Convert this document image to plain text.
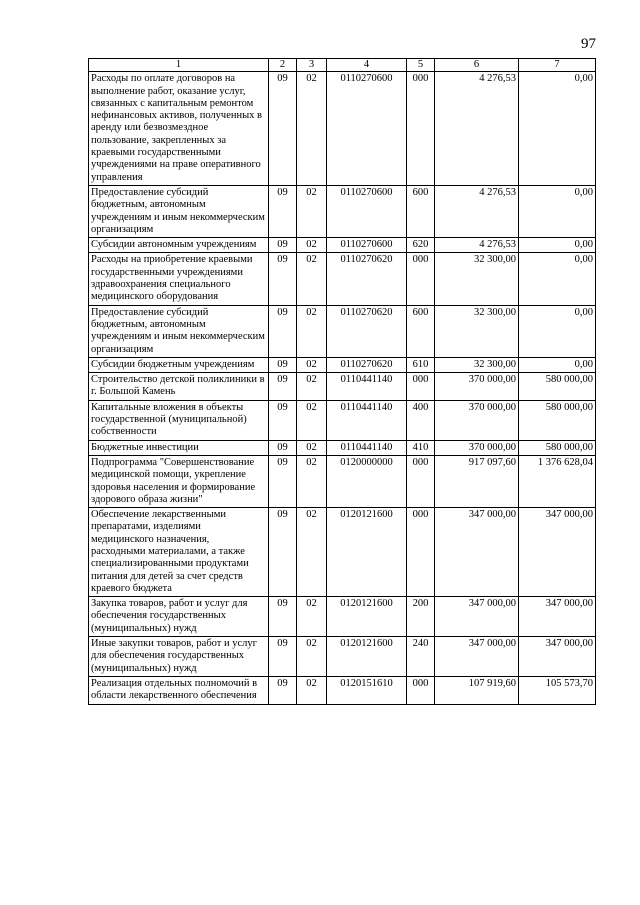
97
1	2	3	4	5	6	7
Расходы по оплате договоров на выполнение работ, оказание услуг, связанных с капитальным ремонтом нефинансовых активов, полученных в аренду или безвозмездное пользование, закрепленных за краевыми государственными учреждениями на праве оперативного управления	09	02	0110270600	000	4 276,53	0,00
Предоставление субсидий бюджетным, автономным учреждениям и иным некоммерческим организациям	09	02	0110270600	600	4 276,53	0,00
Субсидии автономным учреждениям	09	02	0110270600	620	4 276,53	0,00
Расходы на приобретение краевыми государственными учреждениями здравоохранения специального медицинского оборудования	09	02	0110270620	000	32 300,00	0,00
Предоставление субсидий бюджетным, автономным учреждениям и иным некоммерческим организациям	09	02	0110270620	600	32 300,00	0,00
Субсидии бюджетным учреждениям	09	02	0110270620	610	32 300,00	0,00
Строительство детской поликлиники в г. Большой Камень	09	02	0110441140	000	370 000,00	580 000,00
Капитальные вложения в объекты государственной (муниципальной) собственности	09	02	0110441140	400	370 000,00	580 000,00
Бюджетные инвестиции	09	02	0110441140	410	370 000,00	580 000,00
Подпрограмма "Совершенствование медицинской помощи, укрепление здоровья населения и формирование здорового образа жизни"	09	02	0120000000	000	917 097,60	1 376 628,04
Обеспечение лекарственными препаратами, изделиями медицинского назначения, расходными материалами, а также специализированными продуктами питания для детей за счет средств краевого бюджета	09	02	0120121600	000	347 000,00	347 000,00
Закупка товаров, работ и услуг для обеспечения государственных (муниципальных) нужд	09	02	0120121600	200	347 000,00	347 000,00
Иные закупки товаров, работ и услуг для обеспечения государственных (муниципальных) нужд	09	02	0120121600	240	347 000,00	347 000,00
Реализация отдельных полномочий в области лекарственного обеспечения	09	02	0120151610	000	107 919,60	105 573,70
